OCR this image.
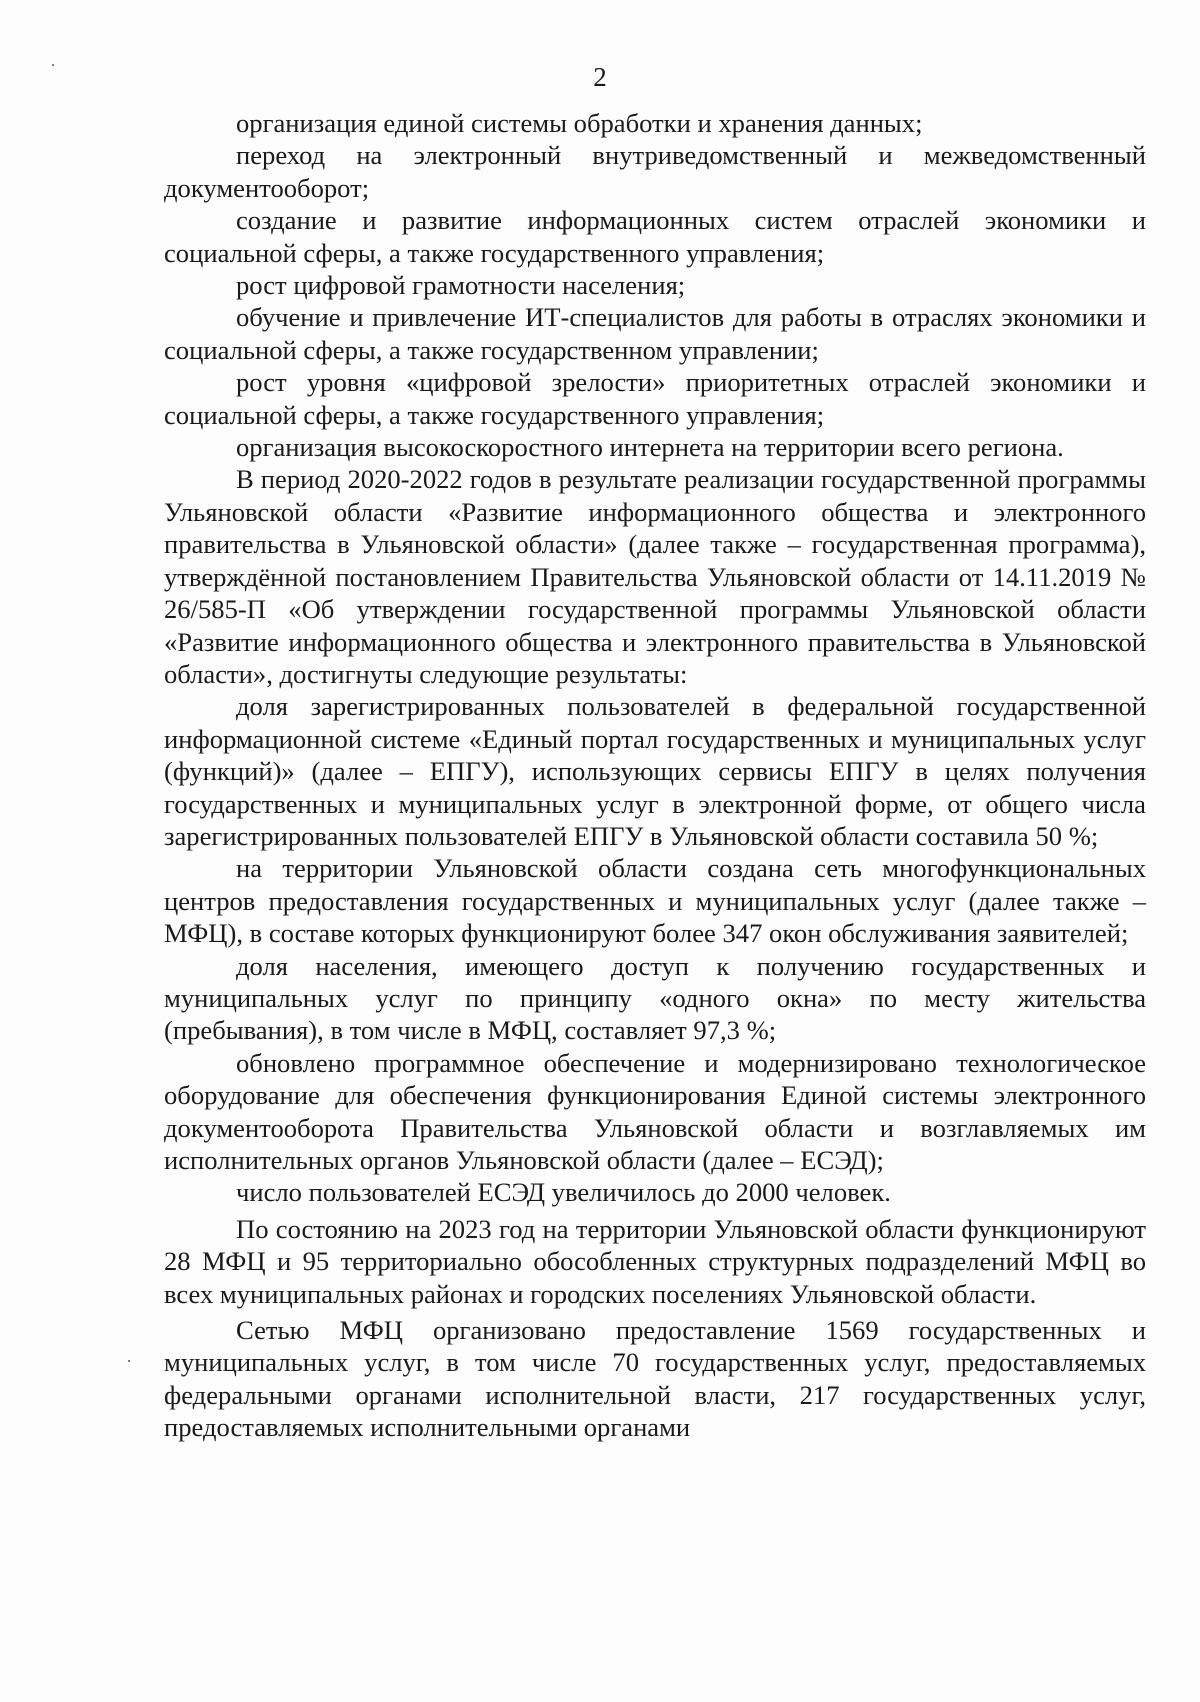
2

организация единой системы обработки и хранения данных;

переход на электронный внутриведомственный и межведомственный документооборот;

создание и развитие информационных систем отраслей экономики и социальной сферы, а также государственного управления;

рост цифровой грамотности населения;

обучение и привлечение ИТ-специалистов для работы в отраслях экономики и социальной сферы, а также государственном управлении;

рост уровня «цифровой зрелости» приоритетных отраслей экономики и социальной сферы, а также государственного управления;

организация высокоскоростного интернета на территории всего региона.

В период 2020-2022 годов в результате реализации государственной программы Ульяновской области «Развитие информационного общества и электронного правительства в Ульяновской области» (далее также – государственная программа), утверждённой постановлением Правительства Ульяновской области от 14.11.2019 № 26/585-П «Об утверждении государственной программы Ульяновской области «Развитие информационного общества и электронного правительства в Ульяновской области», достигнуты следующие результаты:

доля зарегистрированных пользователей в федеральной государственной информационной системе «Единый портал государственных и муниципальных услуг (функций)» (далее – ЕПГУ), использующих сервисы ЕПГУ в целях получения государственных и муниципальных услуг в электронной форме, от общего числа зарегистрированных пользователей ЕПГУ в Ульяновской области составила 50 %;

на территории Ульяновской области создана сеть многофункциональных центров предоставления государственных и муниципальных услуг (далее также – МФЦ), в составе которых функционируют более 347 окон обслуживания заявителей;

доля населения, имеющего доступ к получению государственных и муниципальных услуг по принципу «одного окна» по месту жительства (пребывания), в том числе в МФЦ, составляет 97,3 %;

обновлено программное обеспечение и модернизировано технологическое оборудование для обеспечения функционирования Единой системы электронного документооборота Правительства Ульяновской области и возглавляемых им исполнительных органов Ульяновской области (далее – ЕСЭД);

число пользователей ЕСЭД увеличилось до 2000 человек.

По состоянию на 2023 год на территории Ульяновской области функционируют 28 МФЦ и 95 территориально обособленных структурных подразделений МФЦ во всех муниципальных районах и городских поселениях Ульяновской области.

Сетью МФЦ организовано предоставление 1569 государственных и муниципальных услуг, в том числе 70 государственных услуг, предоставляемых федеральными органами исполнительной власти, 217 государственных услуг, предоставляемых исполнительными органами
